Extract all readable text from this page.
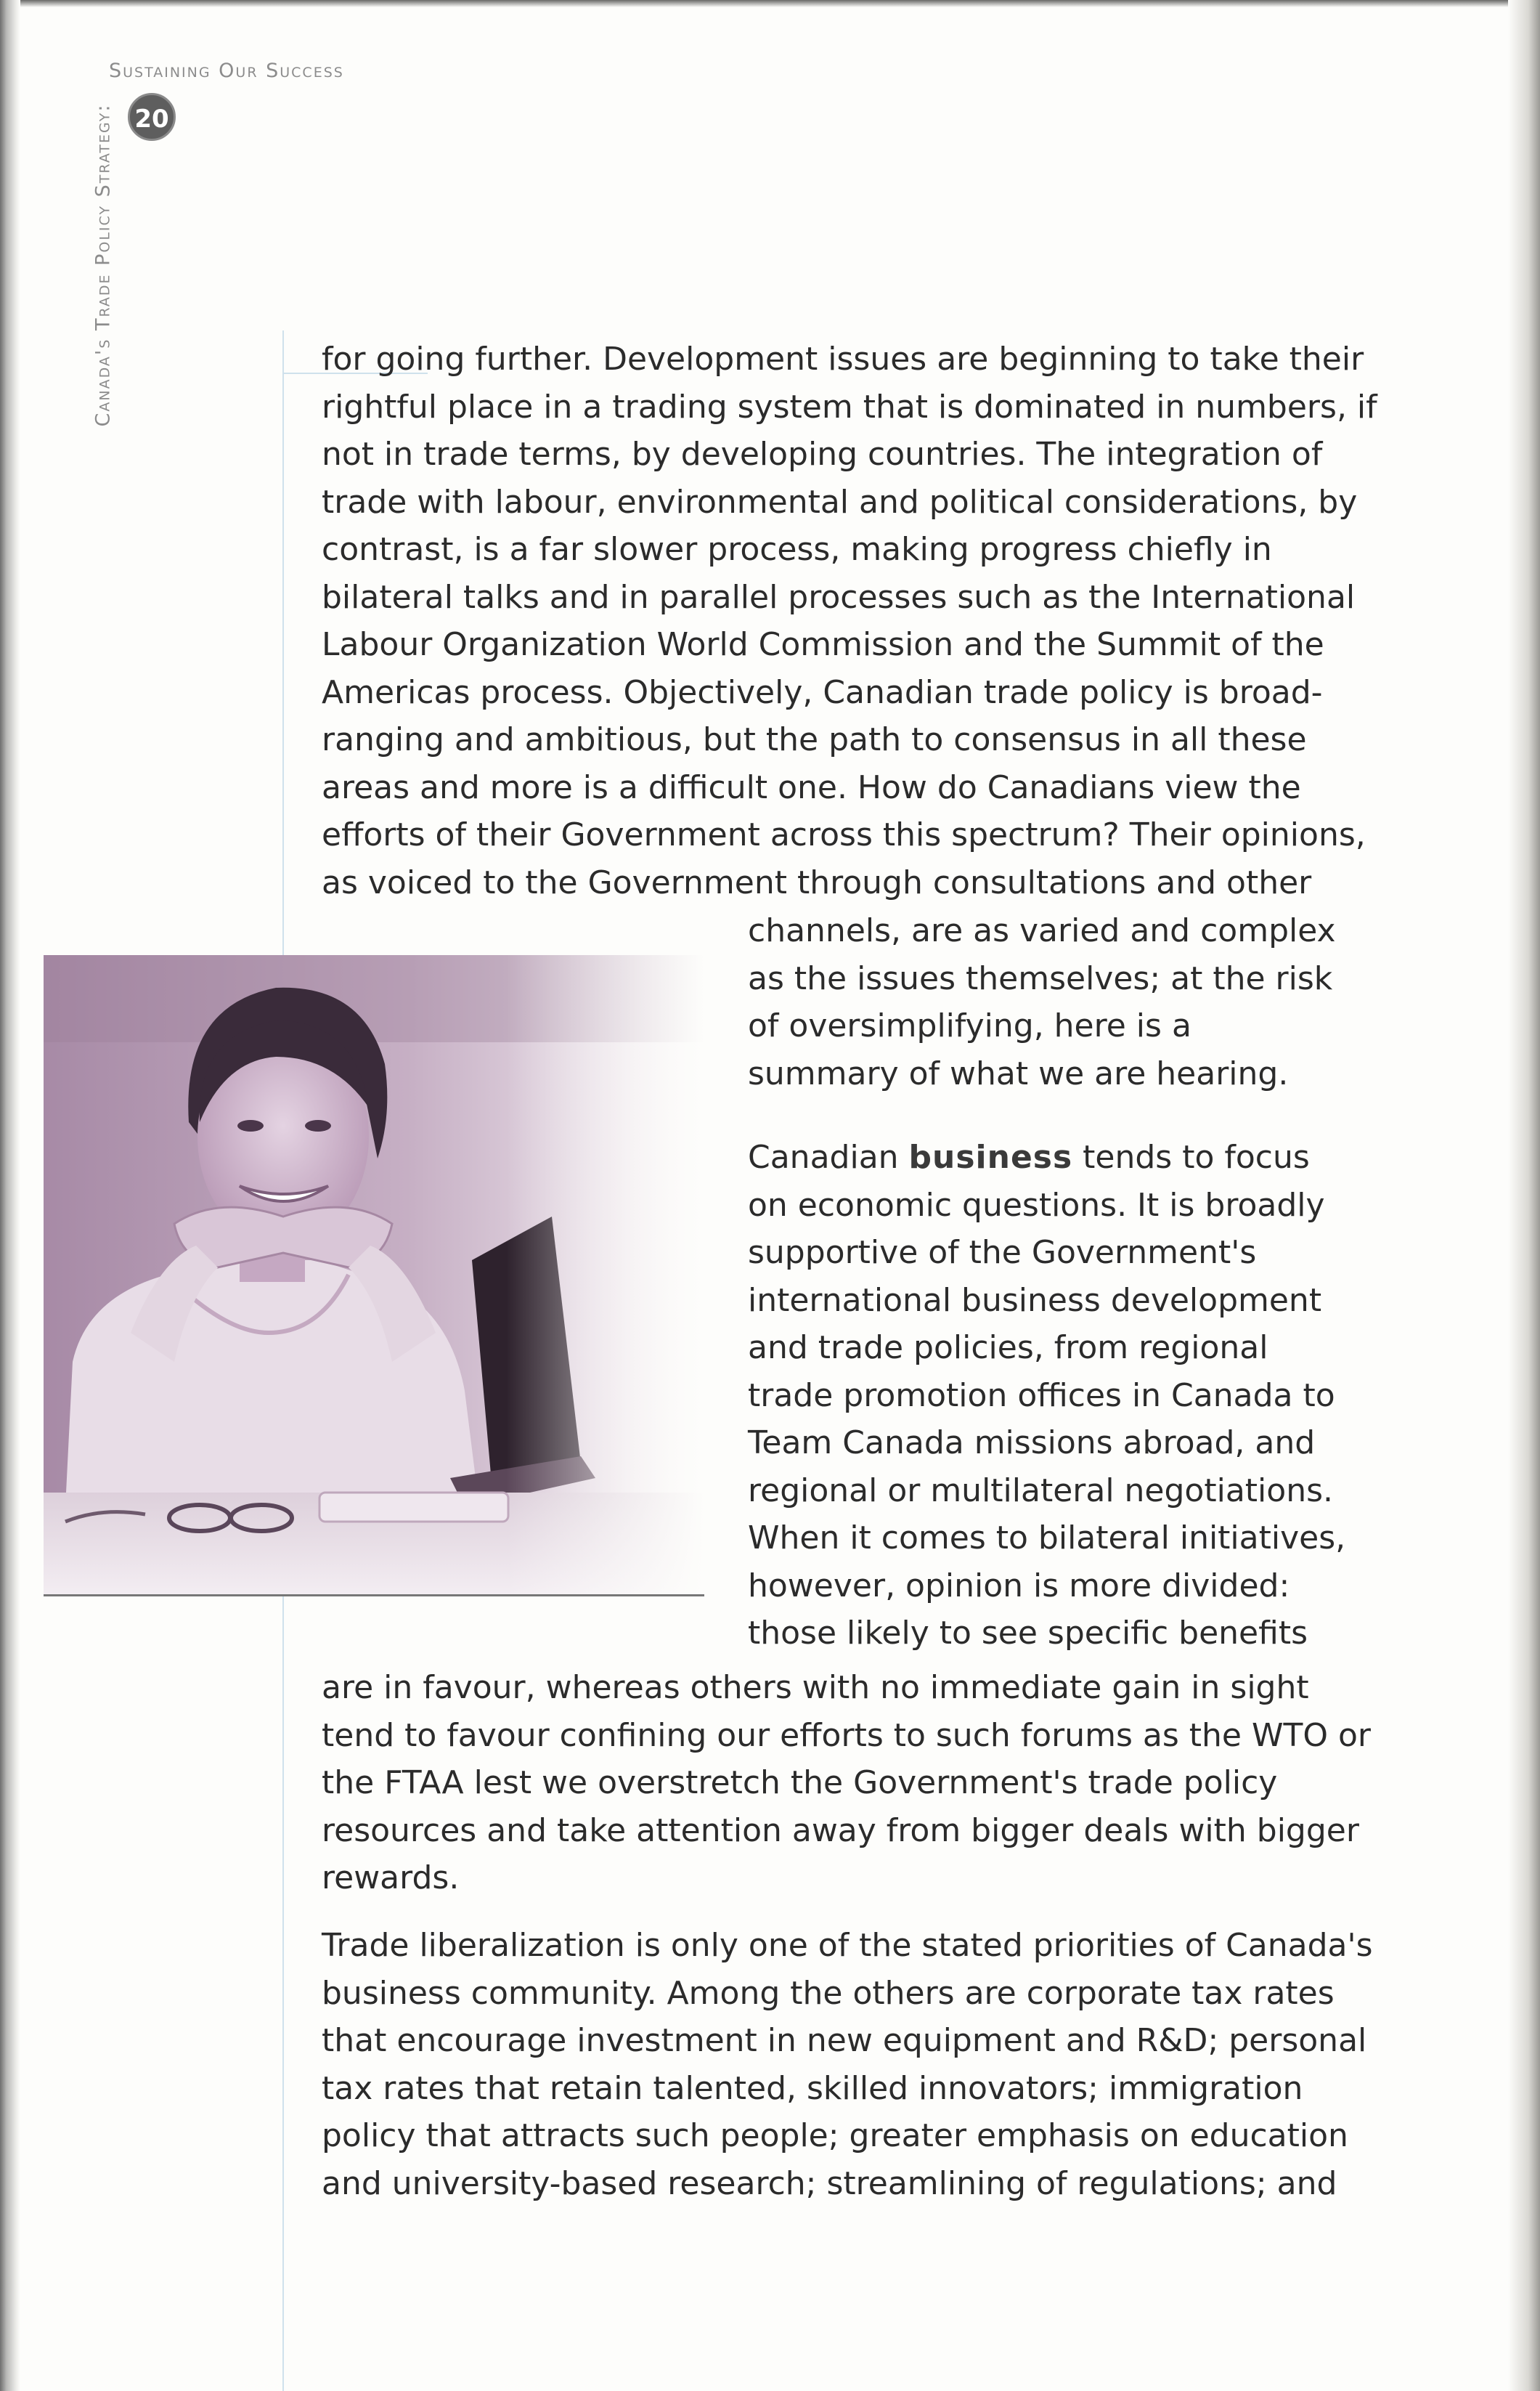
Sustaining Our Success
20
Canada's Trade Policy Strategy:	for going further. Development issues are beginning to take their
rightful place in a trading system that is dominated in numbers, if
not in trade terms, by developing countries. The integration of
trade with labour, environmental and political considerations, by
contrast, is a far slower process, making progress chiefly in
bilateral talks and in parallel processes such as the International
Labour Organization World Commission and the Summit of the
Americas process. Objectively, Canadian trade policy is broad-
ranging and ambitious, but the path to consensus in all these
areas and more is a difficult one. How do Canadians view the
efforts of their Government across this spectrum? Their opinions,
as voiced to the Government through consultations and other
channels, are as varied and complex
as the issues themselves; at the risk
of oversimplifying, here is a
summary of what we are hearing.
Canadian business tends to focus
on economic questions. It is broadly
supportive of the Government's
international business development
and trade policies, from regional
trade promotion offices in Canada to
Team Canada missions abroad, and
regional or multilateral negotiations.
When it comes to bilateral initiatives,
however, opinion is more divided:
those likely to see specific benefits
are in favour, whereas others with no immediate gain in sight
tend to favour confining our efforts to such forums as the WTO or
the FTAA lest we overstretch the Government's trade policy
resources and take attention away from bigger deals with bigger
rewards.
Trade liberalization is only one of the stated priorities of Canada's
business community. Among the others are corporate tax rates
that encourage investment in new equipment and R&D; personal
tax rates that retain talented, skilled innovators; immigration
policy that attracts such people; greater emphasis on education
and university-based research; streamlining of regulations; and
